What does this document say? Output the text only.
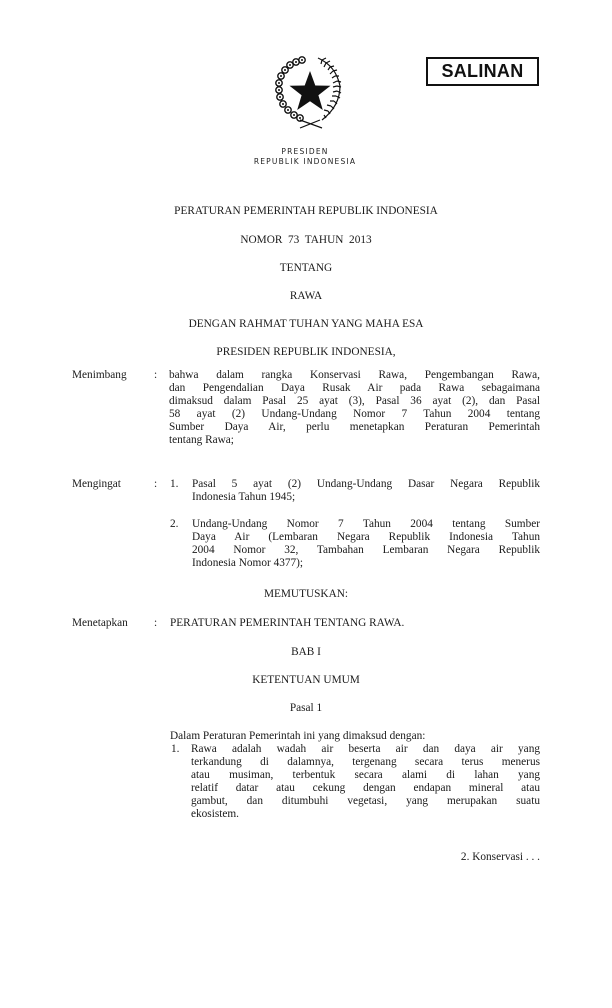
SALINAN
PRESIDEN
REPUBLIK INDONESIA
PERATURAN PEMERINTAH REPUBLIK INDONESIA
NOMOR  73  TAHUN  2013
TENTANG
RAWA
DENGAN RAHMAT TUHAN YANG MAHA ESA
PRESIDEN REPUBLIK INDONESIA,
Menimbang : bahwa dalam rangka Konservasi Rawa, Pengembangan Rawa,
dan Pengendalian Daya Rusak Air pada Rawa sebagaimana
dimaksud dalam Pasal 25 ayat (3), Pasal 36 ayat (2), dan Pasal
58 ayat (2) Undang-Undang Nomor 7 Tahun 2004 tentang
Sumber Daya Air, perlu menetapkan Peraturan Pemerintah
tentang Rawa;
Mengingat	: 1. Pasal 5 ayat (2) Undang-Undang Dasar Negara Republik
Indonesia Tahun 1945;
2. Undang-Undang Nomor 7 Tahun 2004 tentang Sumber
Daya Air (Lembaran Negara Republik Indonesia Tahun
2004 Nomor 32, Tambahan Lembaran Negara Republik
Indonesia Nomor 4377);
MEMUTUSKAN:
Menetapkan : PERATURAN PEMERINTAH TENTANG RAWA.
BAB I
KETENTUAN UMUM
Pasal 1
Dalam Peraturan Pemerintah ini yang dimaksud dengan:
1. Rawa adalah wadah air beserta air dan daya air yang
terkandung di dalamnya, tergenang secara terus menerus
atau musiman, terbentuk secara alami di lahan yang
relatif datar atau cekung dengan endapan mineral atau
gambut, dan ditumbuhi vegetasi, yang merupakan suatu
ekosistem.
2. Konservasi . . .
